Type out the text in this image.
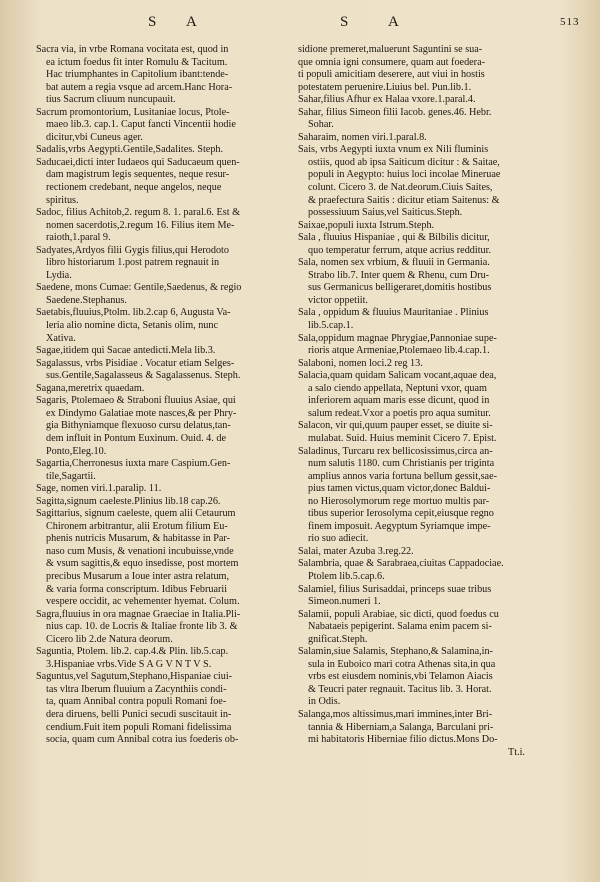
S A	S	A	513
Sacra via, in vrbe Romana vocitata est, quod in
ea ictum foedus fit inter Romulu & Tacitum.
Hac triumphantes in Capitolium ibant:tende-
bat autem a regia vsque ad arcem.Hanc Hora-
tius Sacrum cliuum nuncupauit.
Sacrum promontorium, Lusitaniae locus, Ptole-
maeo lib.3. cap.1. Caput fancti Vincentii hodie
dicitur,vbi Cuneus ager.
Sadalis,vrbs Aegypti.Gentile,Sadalites. Steph.
Saducaei,dicti inter Iudaeos qui Saducaeum quen-
dam magistrum legis sequentes, neque resur-
rectionem credebant, neque angelos, neque
spiritus.
Sadoc, filius Achitob,2. regum 8. 1. paral.6. Est &
nomen sacerdotis,2.regum 16. Filius item Me-
raioth,1.paral 9.
Sadyates,Ardyos filii Gygis filius,qui Herodoto
libro historiarum 1.post patrem regnauit in
Lydia.
Saedene, mons Cumae: Gentile,Saedenus, & regio
Saedene.Stephanus.
Saetabis,fluuius,Ptolm. lib.2.cap 6, Augusta Va-
leria alio nomine dicta, Setanis olim, nunc
Xativa.
Sagae,itidem qui Sacae antedicti.Mela lib.3.
Sagalassus, vrbs Pisidiae . Vocatur etiam Selges-
sus.Gentile,Sagalasseus & Sagalassenus. Steph.
Sagana,meretrix quaedam.
Sagaris, Ptolemaeo & Straboni fluuius Asiae, qui
ex Dindymo Galatiae mote nasces,& per Phry-
gia Bithyniamque flexuoso cursu delatus,tan-
dem influit in Pontum Euxinum. Ouid. 4. de
Ponto,Eleg.10.
Sagartia,Cherronesus iuxta mare Caspium.Gen-
tile,Sagartii.
Sage, nomen viri.1.paralip. 11.
Sagitta,signum caeleste.Plinius lib.18 cap.26.
Sagittarius, signum caeleste, quem alii Cetaurum
Chironem arbitrantur, alii Erotum filium Eu-
phenis nutricis Musarum, & habitasse in Par-
naso cum Musis, & venationi incubuisse,vnde
& vsum sagittis,& equo insedisse, post mortem
precibus Musarum a Ioue inter astra relatum,
& varia forma conscriptum. Idibus Februarii
vespere occidit, ac vehementer hyemat. Colum.
Sagra,fluuius in ora magnae Graeciae in Italia.Pli-
nius cap. 10. de Locris & Italiae fronte lib 3. &
Cicero lib 2.de Natura deorum.
Saguntia, Ptolem. lib.2. cap.4.& Plin. lib.5.cap.
3.Hispaniae vrbs.Vide S A G V N T V S.
Saguntus,vel Sagutum,Stephano,Hispaniae ciui-
tas vltra Iberum fluuium a Zacynthiis condi-
ta, quam Annibal contra populi Romani foe-
dera diruens, belli Punici secudi suscitauit in-
cendium.Fuit item populi Romani fidelissima
socia, quam cum Annibal cotra ius foederis ob-
sidione premeret,maluerunt Saguntini se sua-
que omnia igni consumere, quam aut foedera-
ti populi amicitiam deserere, aut viui in hostis
potestatem peruenire.Liuius bel. Pun.lib.1.
Sahar,filius Afhur ex Halaa vxore.1.paral.4.
Sahar, filius Simeon filii Iacob. genes.46. Hebr.
Sohar.
Saharaim, nomen viri.1.paral.8.
Sais, vrbs Aegypti iuxta vnum ex Nili fluminis
ostiis, quod ab ipsa Saiticum dicitur : & Saitae,
populi in Aegypto: huius loci incolae Mineruae
colunt. Cicero 3. de Nat.deorum.Ciuis Saites,
& praefectura Saitis : dicitur etiam Saitenus: &
possessiuum Saius,vel Saiticus.Steph.
Saixae,populi iuxta Istrum.Steph.
Sala , fluuius Hispaniae , qui & Bilbilis dicitur,
quo temperatur ferrum, atque acrius redditur.
Sala, nomen sex vrbium, & fluuii in Germania.
Strabo lib.7. Inter quem & Rhenu, cum Dru-
sus Germanicus belligeraret,domitis hostibus
victor oppetiit.
Sala , oppidum & fluuius Mauritaniae . Plinius
lib.5.cap.1.
Sala,oppidum magnae Phrygiae,Pannoniae supe-
rioris atque Armeniae,Ptolemaeo lib.4.cap.1.
Salaboni, nomen loci.2 reg 13.
Salacia,quam quidam Salicam vocant,aquae dea,
a salo ciendo appellata, Neptuni vxor, quam
inferiorem aquam maris esse dicunt, quod in
salum redeat.Vxor a poetis pro aqua sumitur.
Salacon, vir qui,quum pauper esset, se diuite si-
mulabat. Suid. Huius meminit Cicero 7. Epist.
Saladinus, Turcaru rex bellicosissimus,circa an-
num salutis 1180. cum Christianis per triginta
amplius annos varia fortuna bellum gessit,sae-
pius tamen victus,quam victor,donec Baldui-
no Hierosolymorum rege mortuo multis par-
tibus superior Ierosolyma cepit,eiusque regno
finem imposuit. Aegyptum Syriamque impe-
rio suo adiecit.
Salai, mater Azuba 3.reg.22.
Salambria, quae & Sarabraea,ciuitas Cappadociae.
Ptolem lib.5.cap.6.
Salamiel, filius Surisaddai, princeps suae tribus
Simeon.numeri 1.
Salamii, populi Arabiae, sic dicti, quod foedus cu
Nabataeis pepigerint. Salama enim pacem si-
gnificat.Steph.
Salamin,siue Salamis, Stephano,& Salamina,in-
sula in Euboico mari cotra Athenas sita,in qua
vrbs est eiusdem nominis,vbi Telamon Aiacis
& Teucri pater regnauit. Tacitus lib. 3. Horat.
in Odis.
Salanga,mos altissimus,mari immines,inter Bri-
tannia & Hiberniam,a Salanga, Barculani pri-
mi habitatoris Hiberniae filio dictus.Mons Do-
Tt.i.
